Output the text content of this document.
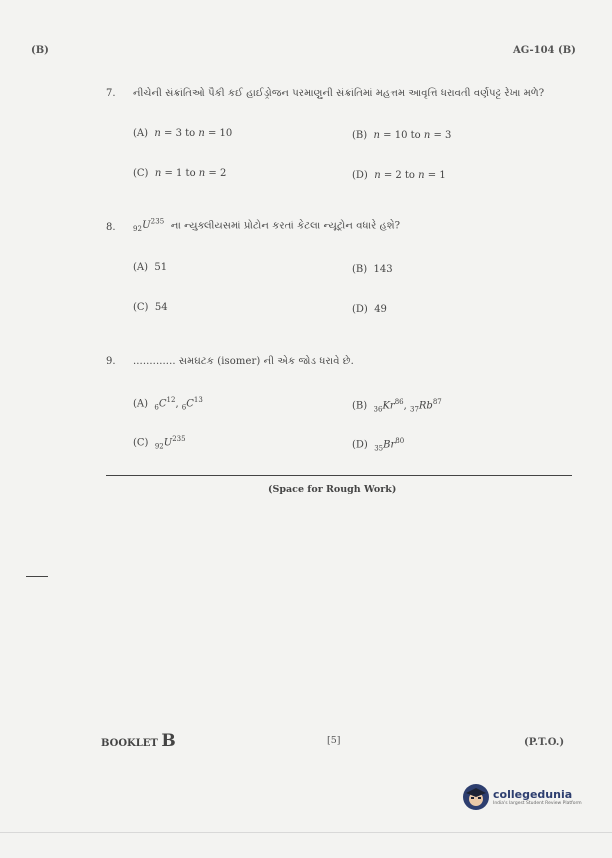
(B)	AG-104 (B)
7. નીચેની સંક્રાંતિઓ પૈકી કઈ હાઈડ્રોજન પરમાણુની સંક્રાંતિમાં મહત્તમ આવૃત્તિ ધરાવતી વર્ણપટ્ટ રેખા મળે?
(A) n = 3 to n = 10	(B) n = 10 to n = 3
(C) n = 1 to n = 2	(D) n = 2 to n = 1
8. $_{92}U^{235}$ ના ન્યુક્લીયસમાં પ્રોટોન કરતાં કેટલા ન્યૂટ્રોન વધારે હશે?
(A) 51	(B) 143
(C) 54	(D) 49
9. ............. સમઘટક (isomer) ની એક જોડ ધરાવે છે.
(A) $_6C^{12}$, $_6C^{13}$
(B) $_{36}Kr^{86}$, $_{37}Rb^{87}$
(C) $_{92}U^{235}$
(D) $_{35}Br^{80}$
(Space for Rough Work)
BOOKLET B	[5]	(P.T.O.)
collegedunia
India's largest Student Review Platform
